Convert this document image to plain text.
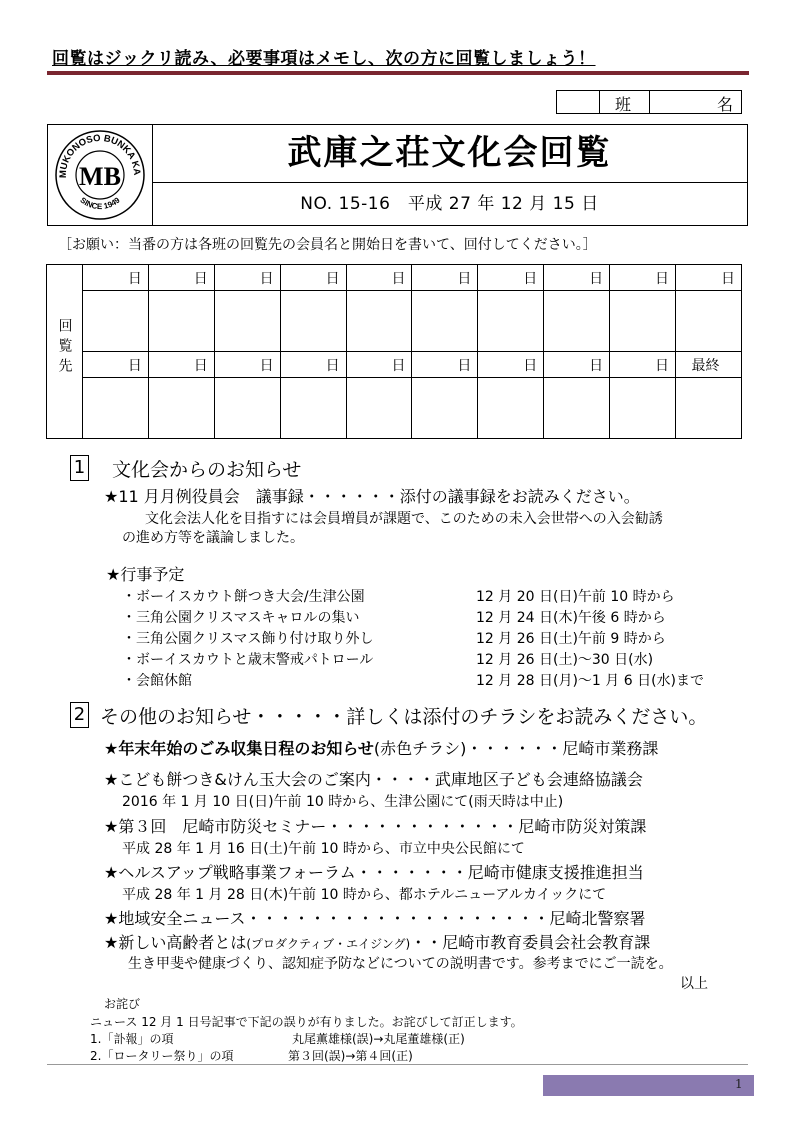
回覧はジックリ読み、必要事項はメモし、次の方に回覧しましょう！
班	名
MUKONOSO BUNKA KA
MB
SINCE 1949
武庫之荘文化会回覧
NO. 15-16　平成 27 年 12 月 15 日
［お願い：当番の方は各班の回覧先の会員名と開始日を書いて、回付してください。］
回覧先	日	日	日	日	日	日	日	日	日	日

	日	日	日	日	日	日	日	日	日	最終

1 文化会からのお知らせ
★11 月月例役員会　議事録・・・・・・添付の議事録をお読みください。
文化会法人化を目指すには会員増員が課題で、このための未入会世帯への入会勧誘
の進め方等を議論しました。
★行事予定
・ボーイスカウト餅つき大会/生津公園	12 月 20 日(日)午前 10 時から
・三角公園クリスマスキャロルの集い	12 月 24 日(木)午後 6 時から
・三角公園クリスマス飾り付け取り外し	12 月 26 日(土)午前 9 時から
・ボーイスカウトと歳末警戒パトロール	12 月 26 日(土)～30 日(水)
・会館休館	12 月 28 日(月)～1 月 6 日(水)まで
2 その他のお知らせ・・・・・詳しくは添付のチラシをお読みください。
★年末年始のごみ収集日程のお知らせ(赤色チラシ)・・・・・・尼崎市業務課
★こども餅つき&けん玉大会のご案内・・・・武庫地区子ども会連絡協議会
2016 年 1 月 10 日(日)午前 10 時から、生津公園にて(雨天時は中止)
★第３回　尼崎市防災セミナー・・・・・・・・・・・・尼崎市防災対策課
平成 28 年 1 月 16 日(土)午前 10 時から、市立中央公民館にて
★ヘルスアップ戦略事業フォーラム・・・・・・・尼崎市健康支援推進担当
平成 28 年 1 月 28 日(木)午前 10 時から、都ホテルニューアルカイックにて
★地域安全ニュース・・・・・・・・・・・・・・・・・・・尼崎北警察署
★新しい高齢者とは(プロダクティブ・エイジング)・・尼崎市教育委員会社会教育課
生き甲斐や健康づくり、認知症予防などについての説明書です。参考までにご一読を。
以上
お詫び
ニュース 12 月 1 日号記事で下記の誤りが有りました。お詫びして訂正します。
1.「訃報」の項	丸尾薫雄様(誤)→丸尾董雄様(正)
2.「ロータリー祭り」の項	第３回(誤)→第４回(正)
1
